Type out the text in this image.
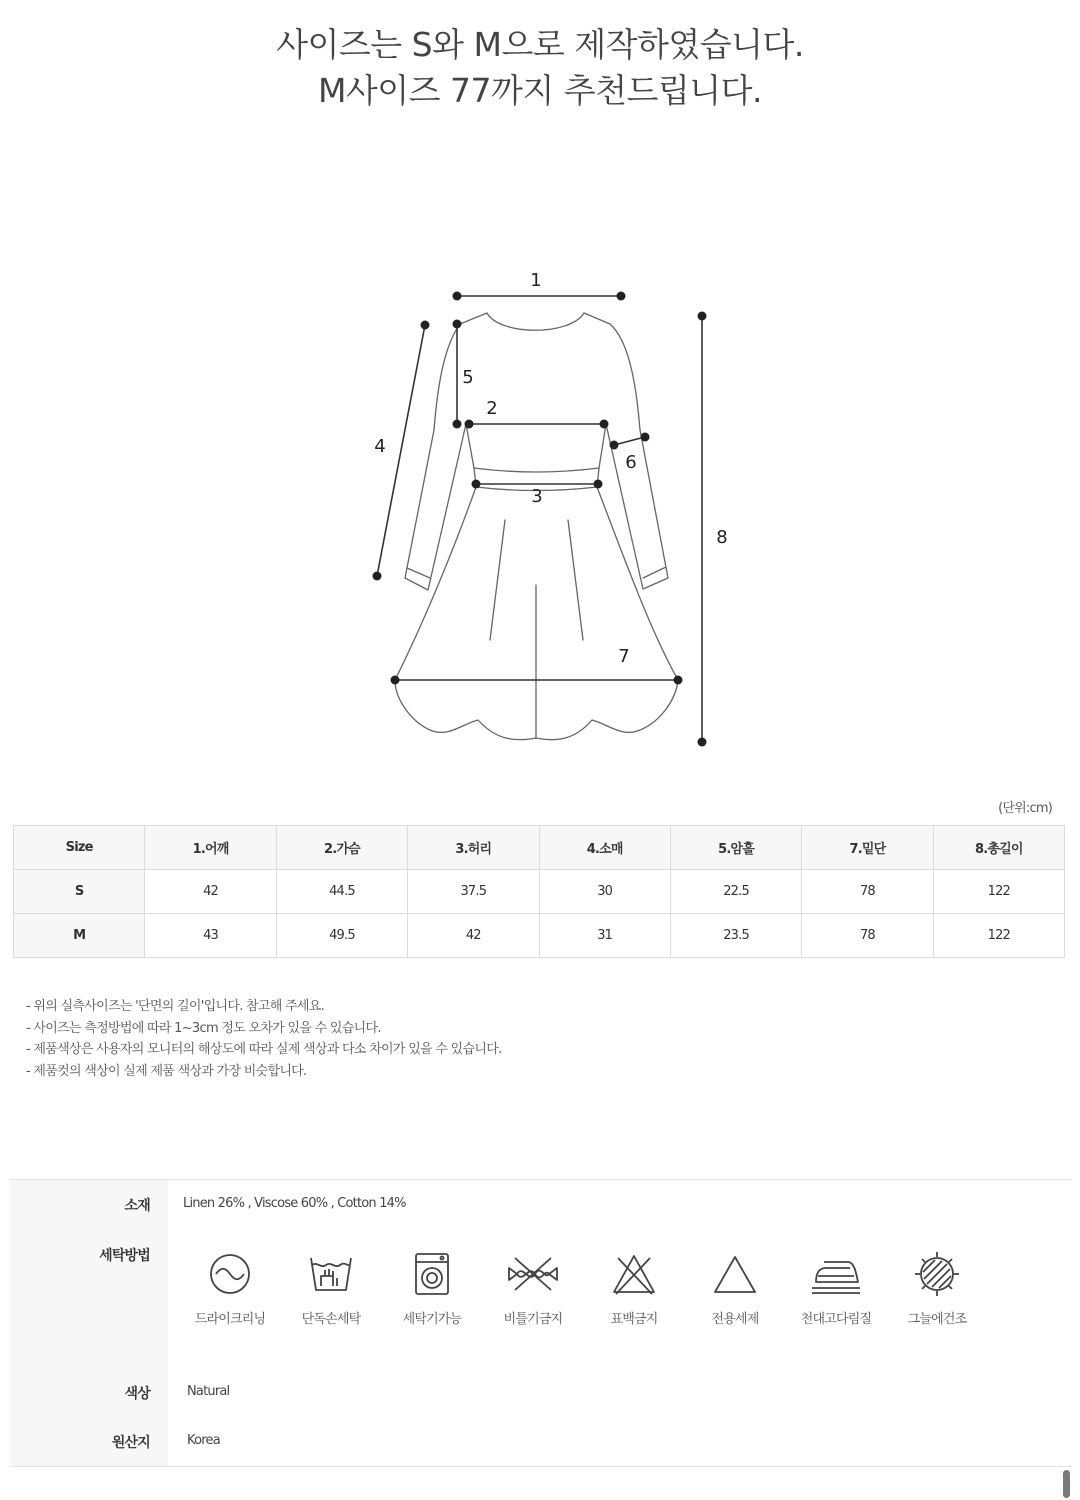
사이즈는 S와 M으로 제작하였습니다.
M사이즈 77까지 추천드립니다.
1
2
3
4
5
6
7
8
(단위:cm)
Size	1.어깨	2.가슴	3.허리	4.소매	5.암홀	7.밑단	8.총길이
S	42	44.5	37.5	30	22.5	78	122
M	43	49.5	42	31	23.5	78	122
- 위의 실측사이즈는 '단면의 길이'입니다. 참고해 주세요.
- 사이즈는 측정방법에 따라 1~3cm 정도 오차가 있을 수 있습니다.
- 제품색상은 사용자의 모니터의 해상도에 따라 실제 색상과 다소 차이가 있을 수 있습니다.
- 제품컷의 색상이 실제 제품 색상과 가장 비슷합니다.
소재	Linen 26% , Viscose 60% , Cotton 14%
세탁방법
드라이크리닝	단독손세탁	세탁기가능	비틀기금지	표백금지	전용세제	천대고다림질	그늘에건조
색상	Natural
원산지	Korea
